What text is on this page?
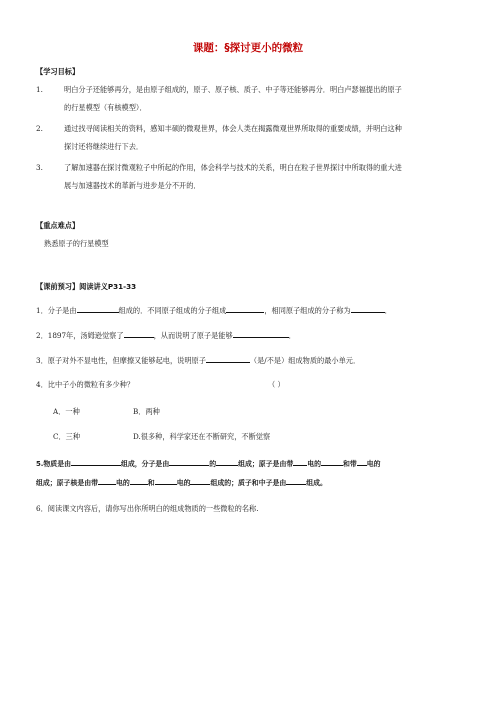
课题：§探讨更小的微粒
【学习目标】
1.	明白分子还能够再分，是由原子组成的，原子、原子核、质子、中子等还能够再分．明白卢瑟福提出的原子
的行星模型（有核模型）．
2.	通过找寻阅读相关的资料，感知丰硕的微观世界，体会人类在揭露微观世界所取得的重要成绩，并明白这种
探讨还将继续进行下去．
3.	了解加速器在探讨微观粒子中所起的作用，体会科学与技术的关系，明白在粒子世界探讨中所取得的重大进
展与加速器技术的革新与进步是分不开的．
【重点难点】
熟悉原子的行星模型
【课前预习】阅读讲义P31-33
1．分子是由	组成的．不同原子组成的分子组成	，相同原子组成的分子称为	．
2．1897年，汤姆逊觉察了	，从而说明了原子是能够	．
3．原子对外不显电性，但摩擦又能够起电，说明原子	（是/不是）组成物质的最小单元．
4．比中子小的微粒有多少种？	（ ）
A．一种	B．两种
C．三种	D.很多种，科学家还在不断研究，不断觉察
5.物质是由	组成，分子是由	的	组成；原子是由带 电的	和带 电的
组成；原子核是由带	电的	和	电的	组成的；质子和中子是由	组成。
6．阅读课文内容后，请你写出你所明白的组成物质的一些微粒的名称.
